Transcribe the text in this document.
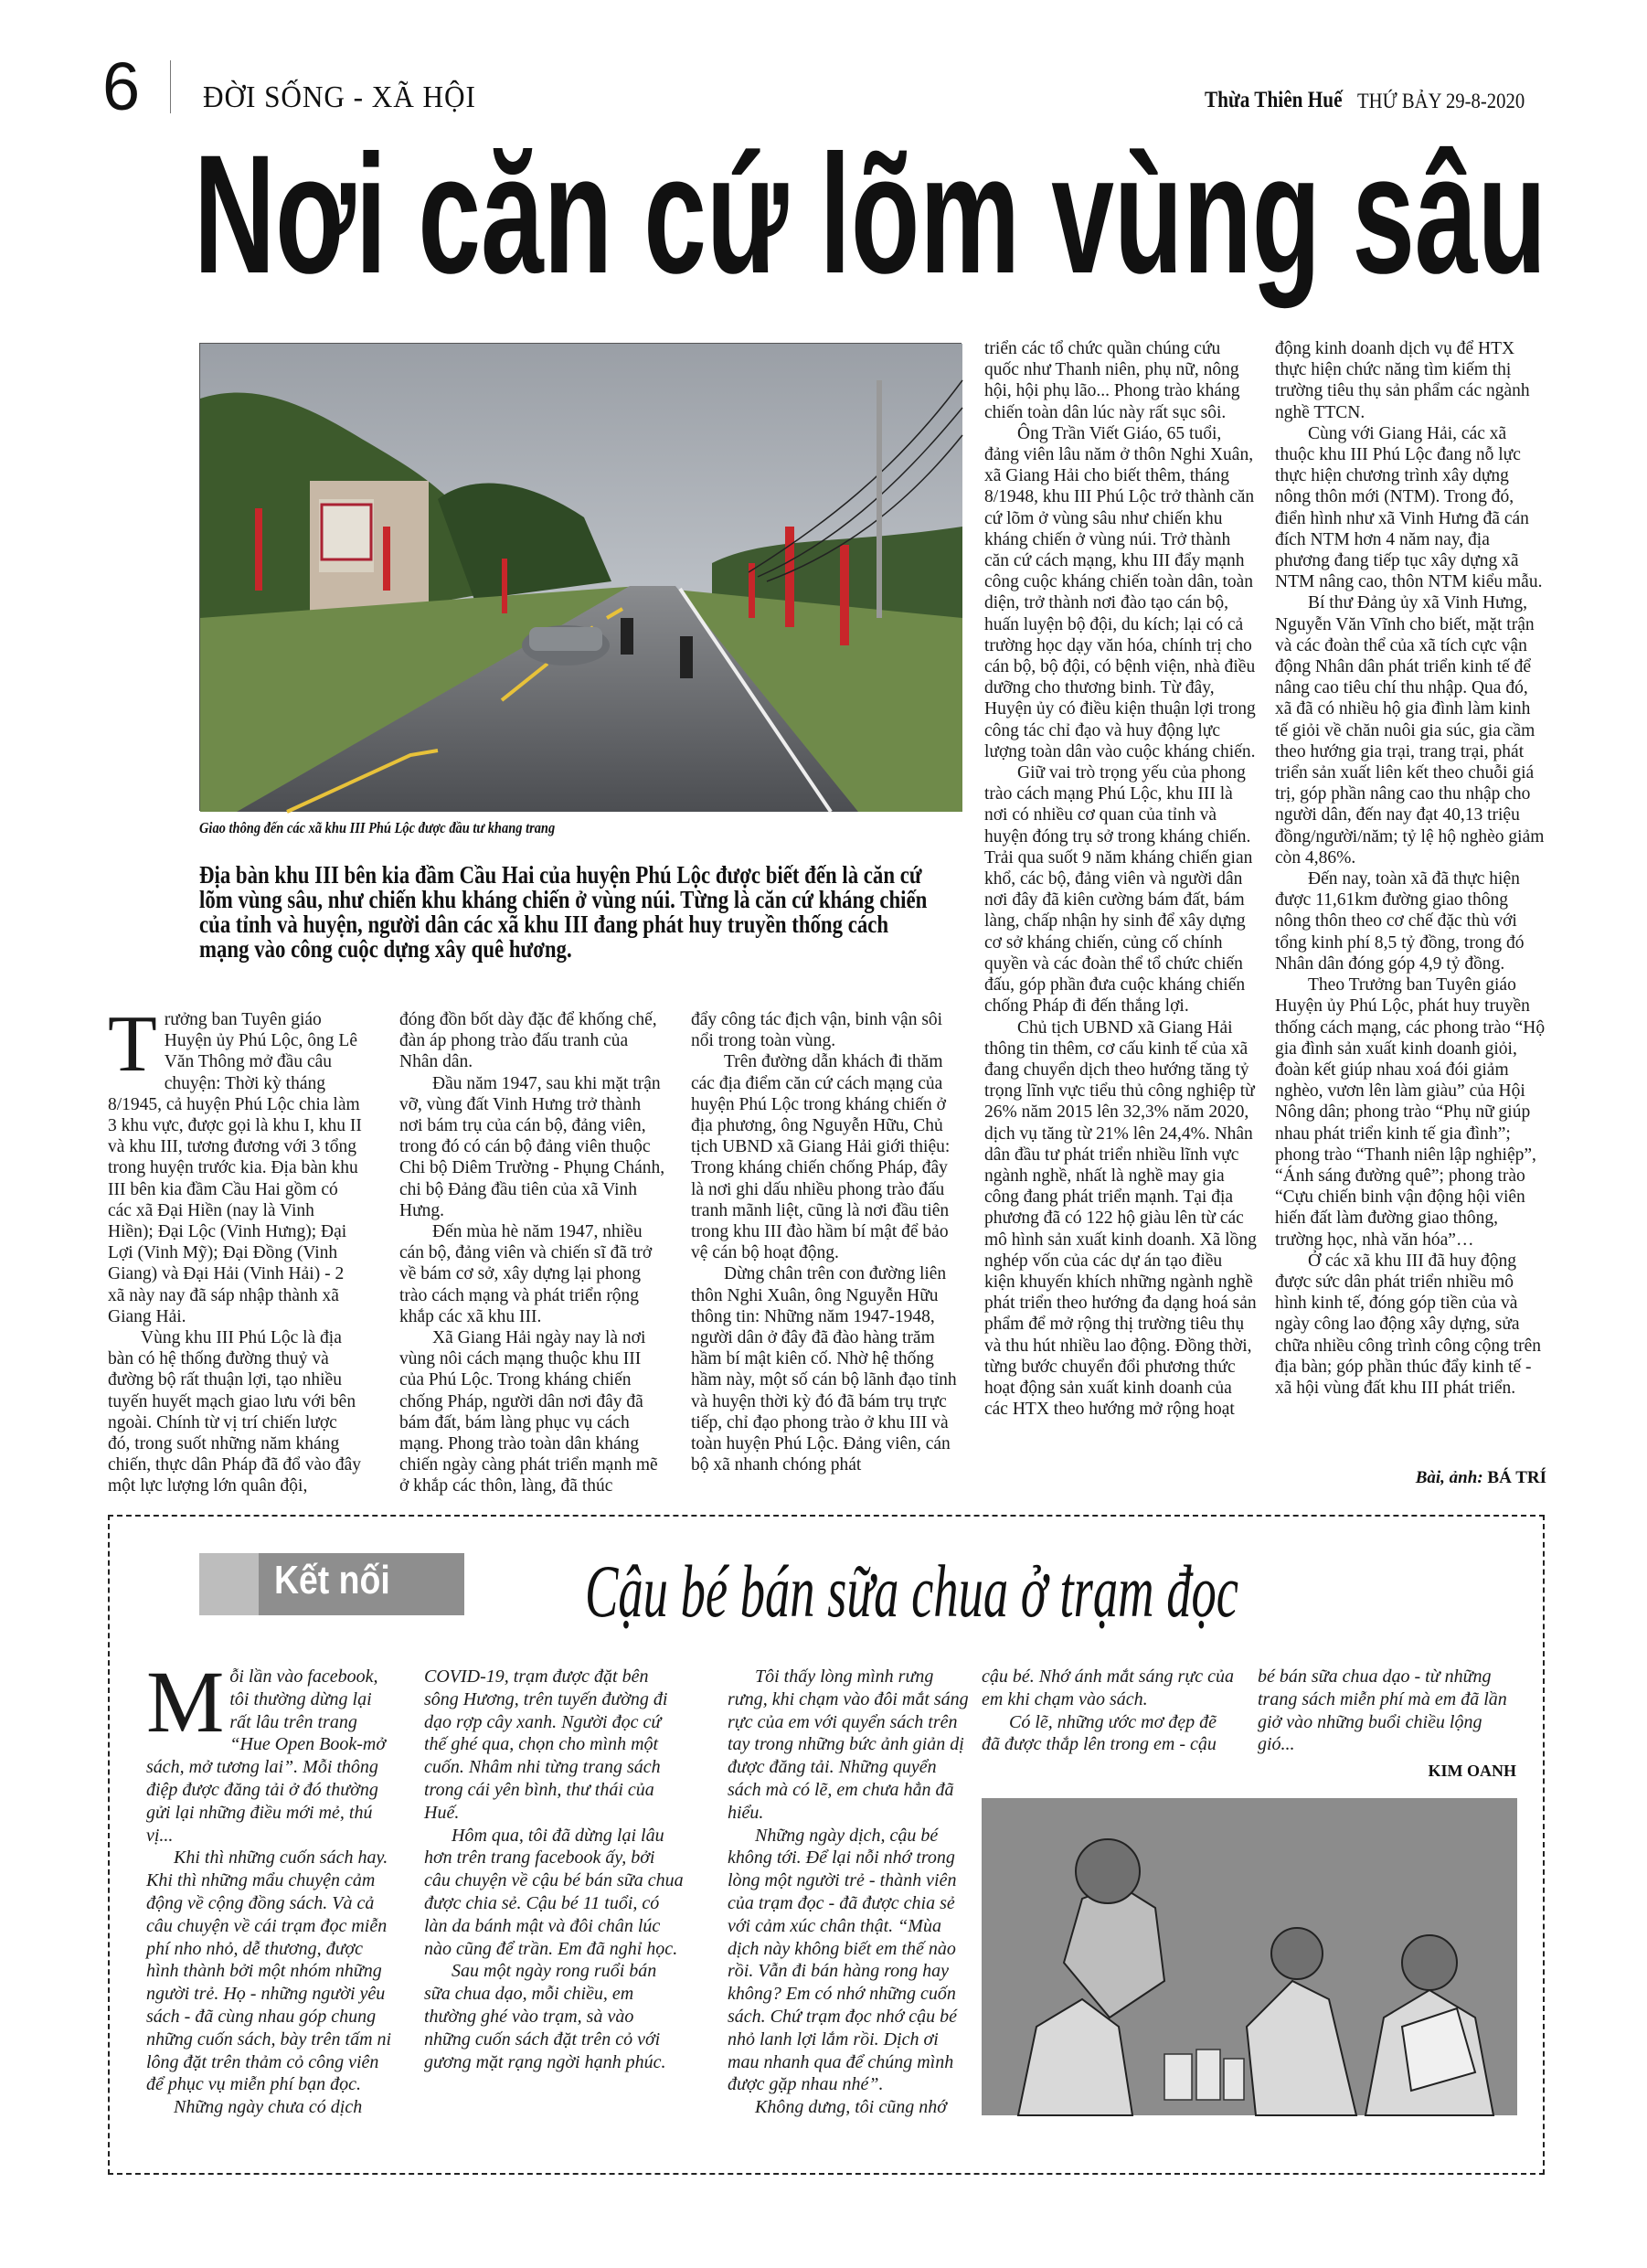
6 ĐỜI SỐNG - XÃ HỘI	Thừa Thiên Huế THỨ BẢY 29-8-2020
Nơi căn cứ lõm vùng sâu
Giao thông đến các xã khu III Phú Lộc được đầu tư khang trang
Địa bàn khu III bên kia đầm Cầu Hai của huyện Phú Lộc được biết đến là căn cứ lõm vùng sâu, như chiến khu kháng chiến ở vùng núi. Từng là căn cứ kháng chiến của tỉnh và huyện, người dân các xã khu III đang phát huy truyền thống cách mạng vào công cuộc dựng xây quê hương.

Trưởng ban Tuyên giáo Huyện ủy Phú Lộc, ông Lê Văn Thông mở đầu câu chuyện: Thời kỳ tháng 8/1945, cả huyện Phú Lộc chia làm 3 khu vực, được gọi là khu I, khu II và khu III, tương đương với 3 tổng trong huyện trước kia. Địa bàn khu III bên kia đầm Cầu Hai gồm có các xã Đại Hiền (nay là Vinh Hiền); Đại Lộc (Vinh Hưng); Đại Lợi (Vinh Mỹ); Đại Đồng (Vinh Giang) và Đại Hải (Vinh Hải) - 2 xã này nay đã sáp nhập thành xã Giang Hải.

Vùng khu III Phú Lộc là địa bàn có hệ thống đường thuỷ và đường bộ rất thuận lợi, tạo nhiều tuyến huyết mạch giao lưu với bên ngoài. Chính từ vị trí chiến lược đó, trong suốt những năm kháng chiến, thực dân Pháp đã đổ vào đây một lực lượng lớn quân đội,

đóng đồn bốt dày đặc để khống chế, đàn áp phong trào đấu tranh của Nhân dân.

Đầu năm 1947, sau khi mặt trận vỡ, vùng đất Vinh Hưng trở thành nơi bám trụ của cán bộ, đảng viên, trong đó có cán bộ đảng viên thuộc Chi bộ Diêm Trường - Phụng Chánh, chi bộ Đảng đầu tiên của xã Vinh Hưng.

Đến mùa hè năm 1947, nhiều cán bộ, đảng viên và chiến sĩ đã trở về bám cơ sở, xây dựng lại phong trào cách mạng và phát triển rộng khắp các xã khu III.

Xã Giang Hải ngày nay là nơi vùng nôi cách mạng thuộc khu III của Phú Lộc. Trong kháng chiến chống Pháp, người dân nơi đây đã bám đất, bám làng phục vụ cách mạng. Phong trào toàn dân kháng chiến ngày càng phát triển mạnh mẽ ở khắp các thôn, làng, đã thúc

đẩy công tác địch vận, binh vận sôi nổi trong toàn vùng.

Trên đường dẫn khách đi thăm các địa điểm căn cứ cách mạng của huyện Phú Lộc trong kháng chiến ở địa phương, ông Nguyễn Hữu, Chủ tịch UBND xã Giang Hải giới thiệu: Trong kháng chiến chống Pháp, đây là nơi ghi dấu nhiều phong trào đấu tranh mãnh liệt, cũng là nơi đầu tiên trong khu III đào hầm bí mật để bảo vệ cán bộ hoạt động.

Dừng chân trên con đường liên thôn Nghi Xuân, ông Nguyễn Hữu thông tin: Những năm 1947-1948, người dân ở đây đã đào hàng trăm hầm bí mật kiên cố. Nhờ hệ thống hầm này, một số cán bộ lãnh đạo tỉnh và huyện thời kỳ đó đã bám trụ trực tiếp, chỉ đạo phong trào ở khu III và toàn huyện Phú Lộc. Đảng viên, cán bộ xã nhanh chóng phát

triển các tổ chức quần chúng cứu quốc như Thanh niên, phụ nữ, nông hội, hội phụ lão... Phong trào kháng chiến toàn dân lúc này rất sục sôi.

Ông Trần Viết Giáo, 65 tuổi, đảng viên lâu năm ở thôn Nghi Xuân, xã Giang Hải cho biết thêm, tháng 8/1948, khu III Phú Lộc trở thành căn cứ lõm ở vùng sâu như chiến khu kháng chiến ở vùng núi. Trở thành căn cứ cách mạng, khu III đẩy mạnh công cuộc kháng chiến toàn dân, toàn diện, trở thành nơi đào tạo cán bộ, huấn luyện bộ đội, du kích; lại có cả trường học dạy văn hóa, chính trị cho cán bộ, bộ đội, có bệnh viện, nhà điều dưỡng cho thương binh. Từ đây, Huyện ủy có điều kiện thuận lợi trong công tác chỉ đạo và huy động lực lượng toàn dân vào cuộc kháng chiến.

Giữ vai trò trọng yếu của phong trào cách mạng Phú Lộc, khu III là nơi có nhiều cơ quan của tỉnh và huyện đóng trụ sở trong kháng chiến. Trải qua suốt 9 năm kháng chiến gian khổ, các bộ, đảng viên và người dân nơi đây đã kiên cường bám đất, bám làng, chấp nhận hy sinh để xây dựng cơ sở kháng chiến, củng cố chính quyền và các đoàn thể tổ chức chiến đấu, góp phần đưa cuộc kháng chiến chống Pháp đi đến thắng lợi.

Chủ tịch UBND xã Giang Hải thông tin thêm, cơ cấu kinh tế của xã đang chuyển dịch theo hướng tăng tỷ trọng lĩnh vực tiểu thủ công nghiệp từ 26% năm 2015 lên 32,3% năm 2020, dịch vụ tăng từ 21% lên 24,4%. Nhân dân đầu tư phát triển nhiều lĩnh vực ngành nghề, nhất là nghề may gia công đang phát triển mạnh. Tại địa phương đã có 122 hộ giàu lên từ các mô hình sản xuất kinh doanh. Xã lồng nghép vốn của các dự án tạo điều kiện khuyến khích những ngành nghề phát triển theo hướng đa dạng hoá sản phẩm để mở rộng thị trường tiêu thụ và thu hút nhiều lao động. Đồng thời, từng bước chuyển đổi phương thức hoạt động sản xuất kinh doanh của các HTX theo hướng mở rộng hoạt

động kinh doanh dịch vụ để HTX thực hiện chức năng tìm kiếm thị trường tiêu thụ sản phẩm các ngành nghề TTCN.

Cùng với Giang Hải, các xã thuộc khu III Phú Lộc đang nỗ lực thực hiện chương trình xây dựng nông thôn mới (NTM). Trong đó, điển hình như xã Vinh Hưng đã cán đích NTM hơn 4 năm nay, địa phương đang tiếp tục xây dựng xã NTM nâng cao, thôn NTM kiểu mẫu.

Bí thư Đảng ủy xã Vinh Hưng, Nguyễn Văn Vĩnh cho biết, mặt trận và các đoàn thể của xã tích cực vận động Nhân dân phát triển kinh tế để nâng cao tiêu chí thu nhập. Qua đó, xã đã có nhiều hộ gia đình làm kinh tế giỏi về chăn nuôi gia súc, gia cầm theo hướng gia trại, trang trại, phát triển sản xuất liên kết theo chuỗi giá trị, góp phần nâng cao thu nhập cho người dân, đến nay đạt 40,13 triệu đồng/người/năm; tỷ lệ hộ nghèo giảm còn 4,86%.

Đến nay, toàn xã đã thực hiện được 11,61km đường giao thông nông thôn theo cơ chế đặc thù với tổng kinh phí 8,5 tỷ đồng, trong đó Nhân dân đóng góp 4,9 tỷ đồng.

Theo Trưởng ban Tuyên giáo Huyện ủy Phú Lộc, phát huy truyền thống cách mạng, các phong trào “Hộ gia đình sản xuất kinh doanh giỏi, đoàn kết giúp nhau xoá đói giảm nghèo, vươn lên làm giàu” của Hội Nông dân; phong trào “Phụ nữ giúp nhau phát triển kinh tế gia đình”; phong trào “Thanh niên lập nghiệp”, “Ánh sáng đường quê”; phong trào “Cựu chiến binh vận động hội viên hiến đất làm đường giao thông, trường học, nhà văn hóa”…

Ở các xã khu III đã huy động được sức dân phát triển nhiều mô hình kinh tế, đóng góp tiền của và ngày công lao động xây dựng, sửa chữa nhiều công trình công cộng trên địa bàn; góp phần thúc đẩy kinh tế - xã hội vùng đất khu III phát triển.

Bài, ảnh: BÁ TRÍ
Kết nối	Cậu bé bán sữa chua ở trạm đọc

Mỗi lần vào facebook, tôi thường dừng lại rất lâu trên trang “Hue Open Book-mở sách, mở tương lai”. Mỗi thông điệp được đăng tải ở đó thường gửi lại những điều mới mẻ, thú vị...

Khi thì những cuốn sách hay. Khi thì những mẩu chuyện cảm động về cộng đồng sách. Và cả câu chuyện về cái trạm đọc miễn phí nho nhỏ, dễ thương, được hình thành bởi một nhóm những người trẻ. Họ - những người yêu sách - đã cùng nhau góp chung những cuốn sách, bày trên tấm ni lông đặt trên thảm cỏ công viên để phục vụ miễn phí bạn đọc.

Những ngày chưa có dịch

COVID-19, trạm được đặt bên sông Hương, trên tuyến đường đi dạo rợp cây xanh. Người đọc cứ thế ghé qua, chọn cho mình một cuốn. Nhâm nhi từng trang sách trong cái yên bình, thư thái của Huế.

Hôm qua, tôi đã dừng lại lâu hơn trên trang facebook ấy, bởi câu chuyện về cậu bé bán sữa chua được chia sẻ. Cậu bé 11 tuổi, có làn da bánh mật và đôi chân lúc nào cũng để trần. Em đã nghỉ học.

Sau một ngày rong ruổi bán sữa chua dạo, mỗi chiều, em thường ghé vào trạm, sà vào những cuốn sách đặt trên cỏ với gương mặt rạng ngời hạnh phúc.

Tôi thấy lòng mình rưng rưng, khi chạm vào đôi mắt sáng rực của em với quyển sách trên tay trong những bức ảnh giản dị được đăng tải. Những quyển sách mà có lẽ, em chưa hẳn đã hiểu.

Những ngày dịch, cậu bé không tới. Để lại nỗi nhớ trong lòng một người trẻ - thành viên của trạm đọc - đã được chia sẻ với cảm xúc chân thật. “Mùa dịch này không biết em thế nào rồi. Vẫn đi bán hàng rong hay không? Em có nhớ những cuốn sách. Chứ trạm đọc nhớ cậu bé nhỏ lanh lợi lắm rồi. Dịch ơi mau nhanh qua để chúng mình được gặp nhau nhé”.

Không dưng, tôi cũng nhớ

cậu bé. Nhớ ánh mắt sáng rực của em khi chạm vào sách.

Có lẽ, những ước mơ đẹp đẽ đã được thắp lên trong em - cậu

bé bán sữa chua dạo - từ những trang sách miễn phí mà em đã lần giở vào những buổi chiều lộng gió...

KIM OANH
